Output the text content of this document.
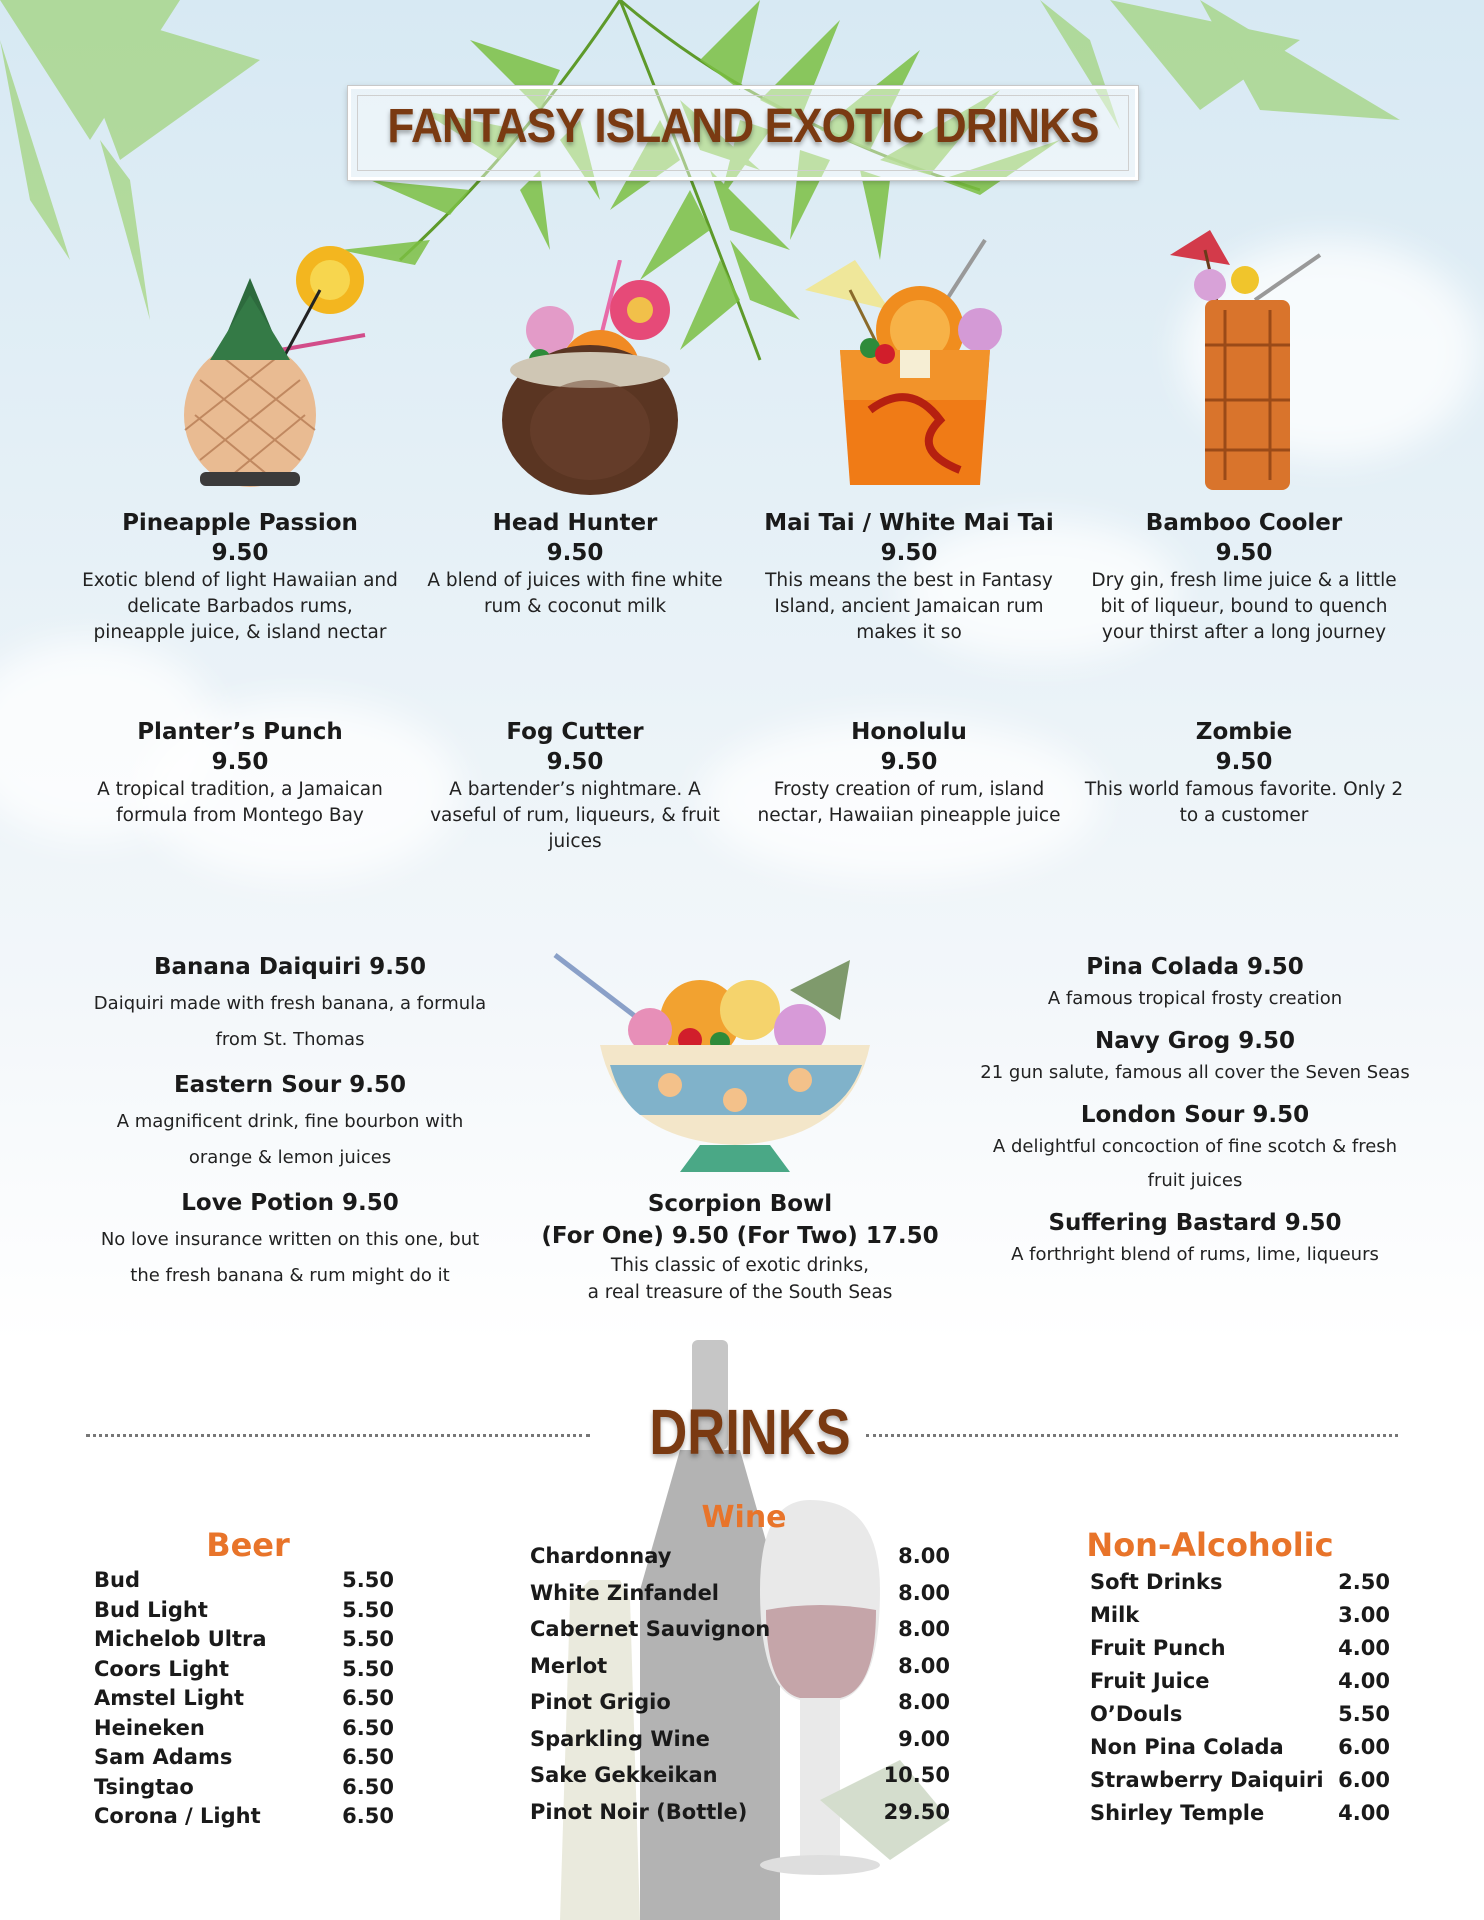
FANTASY ISLAND EXOTIC DRINKS
Pineapple Passion
9.50
Exotic blend of light Hawaiian and delicate Barbados rums, pineapple juice, & island nectar
Head Hunter
9.50
A blend of juices with fine white rum & coconut milk
Mai Tai / White Mai Tai
9.50
This means the best in Fantasy Island, ancient Jamaican rum makes it so
Bamboo Cooler
9.50
Dry gin, fresh lime juice & a little bit of liqueur, bound to quench your thirst after a long journey
Planter’s Punch
9.50
A tropical tradition, a Jamaican formula from Montego Bay
Fog Cutter
9.50
A bartender’s nightmare. A vaseful of rum, liqueurs, & fruit juices
Honolulu
9.50
Frosty creation of rum, island nectar, Hawaiian pineapple juice
Zombie
9.50
This world famous favorite. Only 2 to a customer
Banana Daiquiri 9.50
Daiquiri made with fresh banana, a formula from St. Thomas
Eastern Sour 9.50
A magnificent drink, fine bourbon with orange & lemon juices
Love Potion 9.50
No love insurance written on this one, but the fresh banana & rum might do it
Scorpion Bowl
(For One) 9.50 (For Two) 17.50
This classic of exotic drinks,
a real treasure of the South Seas
Pina Colada 9.50
A famous tropical frosty creation
Navy Grog 9.50
21 gun salute, famous all cover the Seven Seas
London Sour 9.50
A delightful concoction of fine scotch & fresh fruit juices
Suffering Bastard 9.50
A forthright blend of rums, lime, liqueurs
DRINKS
Beer
Bud	5.50
Bud Light	5.50
Michelob Ultra	5.50
Coors Light	5.50
Amstel Light	6.50
Heineken	6.50
Sam Adams	6.50
Tsingtao	6.50
Corona / Light	6.50
Wine
Chardonnay	8.00
White Zinfandel	8.00
Cabernet Sauvignon	8.00
Merlot	8.00
Pinot Grigio	8.00
Sparkling Wine	9.00
Sake Gekkeikan	10.50
Pinot Noir (Bottle)	29.50
Non-Alcoholic
Soft Drinks	2.50
Milk	3.00
Fruit Punch	4.00
Fruit Juice	4.00
O’Douls	5.50
Non Pina Colada	6.00
Strawberry Daiquiri 6.00
Shirley Temple	4.00
